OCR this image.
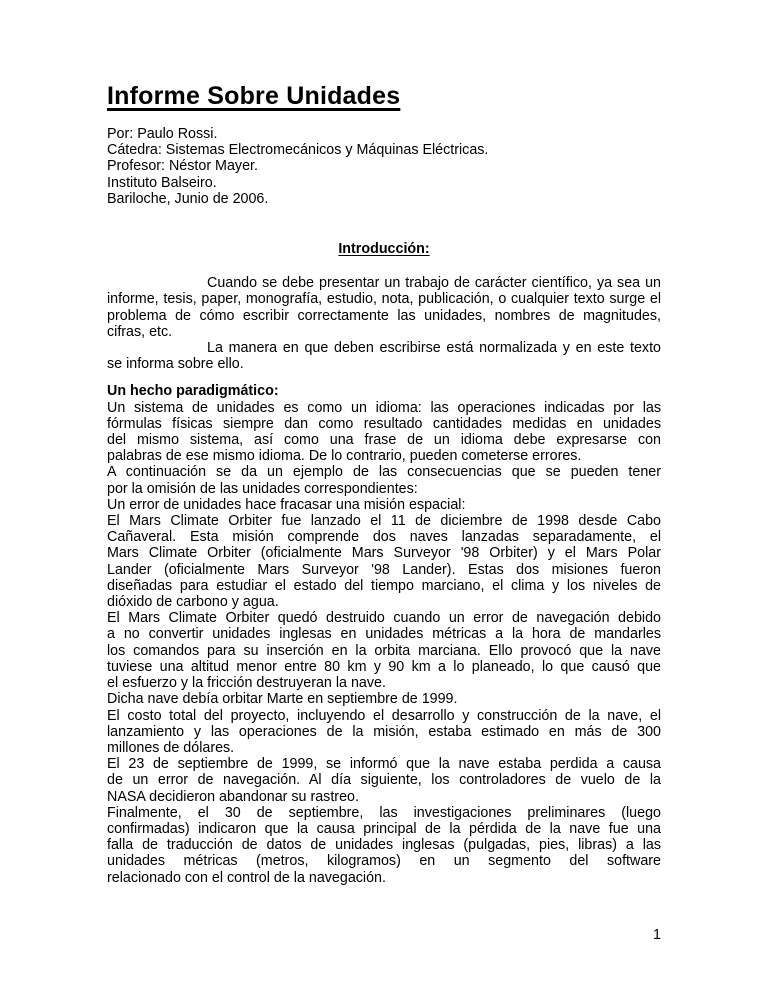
Informe Sobre Unidades
Por: Paulo Rossi.
Cátedra: Sistemas Electromecánicos y Máquinas Eléctricas.
Profesor: Néstor Mayer.
Instituto Balseiro.
Bariloche, Junio de 2006.
Introducción:
Cuando se debe presentar un trabajo de carácter científico, ya sea un
informe, tesis, paper, monografía, estudio, nota, publicación, o cualquier texto surge el
problema de cómo escribir correctamente las unidades, nombres de magnitudes,
cifras, etc.
La manera en que deben escribirse está normalizada y en este texto
se informa sobre ello.
Un hecho paradigmático:
Un sistema de unidades es como un idioma: las operaciones indicadas por las
fórmulas físicas siempre dan como resultado cantidades medidas en unidades
del mismo sistema, así como una frase de un idioma debe expresarse con
palabras de ese mismo idioma. De lo contrario, pueden cometerse errores.
A continuación se da un ejemplo de las consecuencias que se pueden tener
por la omisión de las unidades correspondientes:
Un error de unidades hace fracasar una misión espacial:
El Mars Climate Orbiter fue lanzado el 11 de diciembre de 1998 desde Cabo
Cañaveral. Esta misión comprende dos naves lanzadas separadamente, el
Mars Climate Orbiter (oficialmente Mars Surveyor '98 Orbiter) y el Mars Polar
Lander (oficialmente Mars Surveyor '98 Lander). Estas dos misiones fueron
diseñadas para estudiar el estado del tiempo marciano, el clima y los niveles de
dióxido de carbono y agua.
El Mars Climate Orbiter quedó destruido cuando un error de navegación debido
a no convertir unidades inglesas en unidades métricas a la hora de mandarles
los comandos para su inserción en la orbita marciana. Ello provocó que la nave
tuviese una altitud menor entre 80 km y 90 km a lo planeado, lo que causó que
el esfuerzo y la fricción destruyeran la nave.
Dicha nave debía orbitar Marte en septiembre de 1999.
El costo total del proyecto, incluyendo el desarrollo y construcción de la nave, el
lanzamiento y las operaciones de la misión, estaba estimado en más de 300
millones de dólares.
El 23 de septiembre de 1999, se informó que la nave estaba perdida a causa
de un error de navegación. Al día siguiente, los controladores de vuelo de la
NASA decidieron abandonar su rastreo.
Finalmente, el 30 de septiembre, las investigaciones preliminares (luego
confirmadas) indicaron que la causa principal de la pérdida de la nave fue una
falla de traducción de datos de unidades inglesas (pulgadas, pies, libras) a las
unidades métricas (metros, kilogramos) en un segmento del software
relacionado con el control de la navegación.
1
